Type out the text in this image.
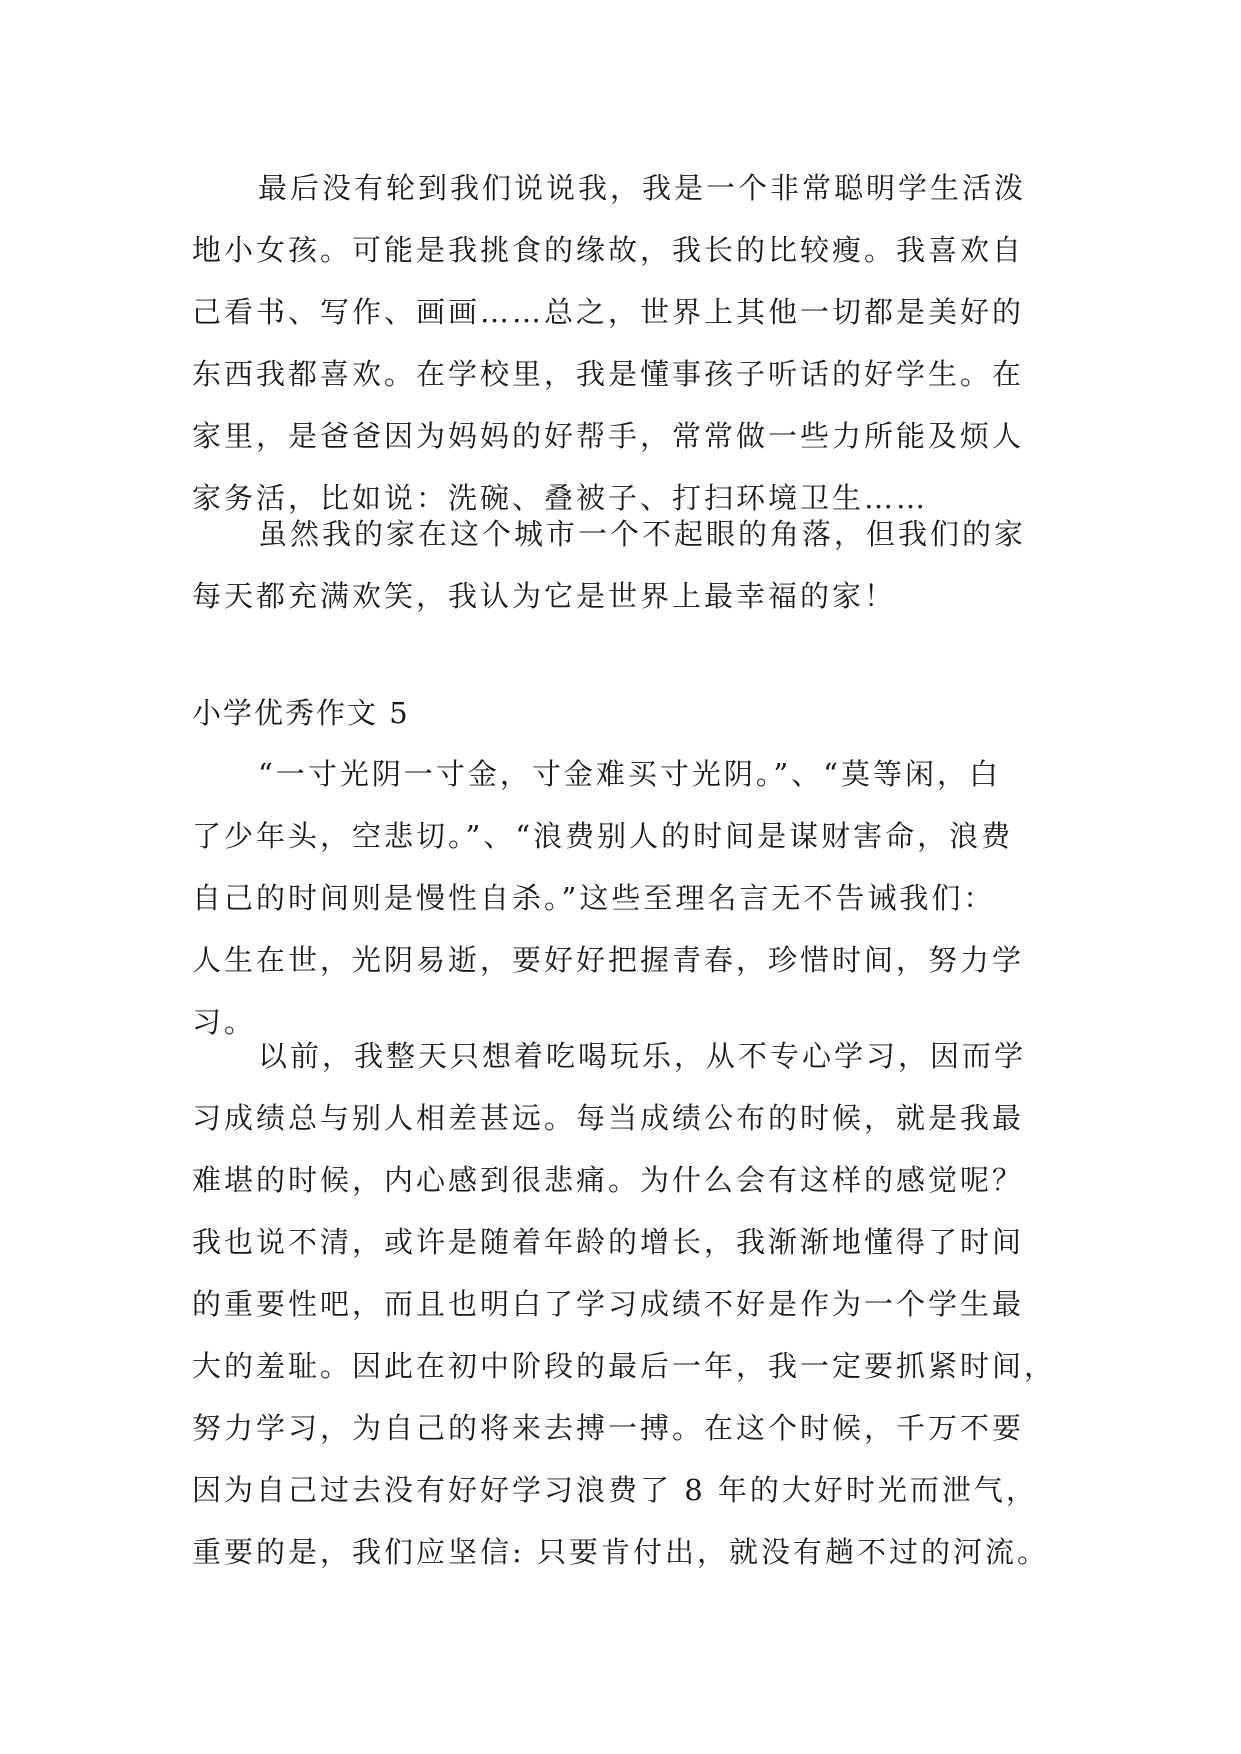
最后没有轮到我们说说我，我是一个非常聪明学生活泼
地小女孩。可能是我挑食的缘故，我长的比较瘦。我喜欢自
己看书、写作、画画……总之，世界上其他一切都是美好的
东西我都喜欢。在学校里，我是懂事孩子听话的好学生。在
家里，是爸爸因为妈妈的好帮手，常常做一些力所能及烦人
家务活，比如说：洗碗、叠被子、打扫环境卫生……
虽然我的家在这个城市一个不起眼的角落，但我们的家
每天都充满欢笑，我认为它是世界上最幸福的家！
小学优秀作文 5
“一寸光阴一寸金，寸金难买寸光阴。”、“莫等闲，白
了少年头，空悲切。”、“浪费别人的时间是谋财害命，浪费
自己的时间则是慢性自杀。”这些至理名言无不告诫我们：
人生在世，光阴易逝，要好好把握青春，珍惜时间，努力学
习。
以前，我整天只想着吃喝玩乐，从不专心学习，因而学
习成绩总与别人相差甚远。每当成绩公布的时候，就是我最
难堪的时候，内心感到很悲痛。为什么会有这样的感觉呢？
我也说不清，或许是随着年龄的增长，我渐渐地懂得了时间
的重要性吧，而且也明白了学习成绩不好是作为一个学生最
大的羞耻。因此在初中阶段的最后一年，我一定要抓紧时间，
努力学习，为自己的将来去搏一搏。在这个时候，千万不要
因为自己过去没有好好学习浪费了 8 年的大好时光而泄气，
重要的是，我们应坚信: 只要肯付出，就没有趟不过的河流。
